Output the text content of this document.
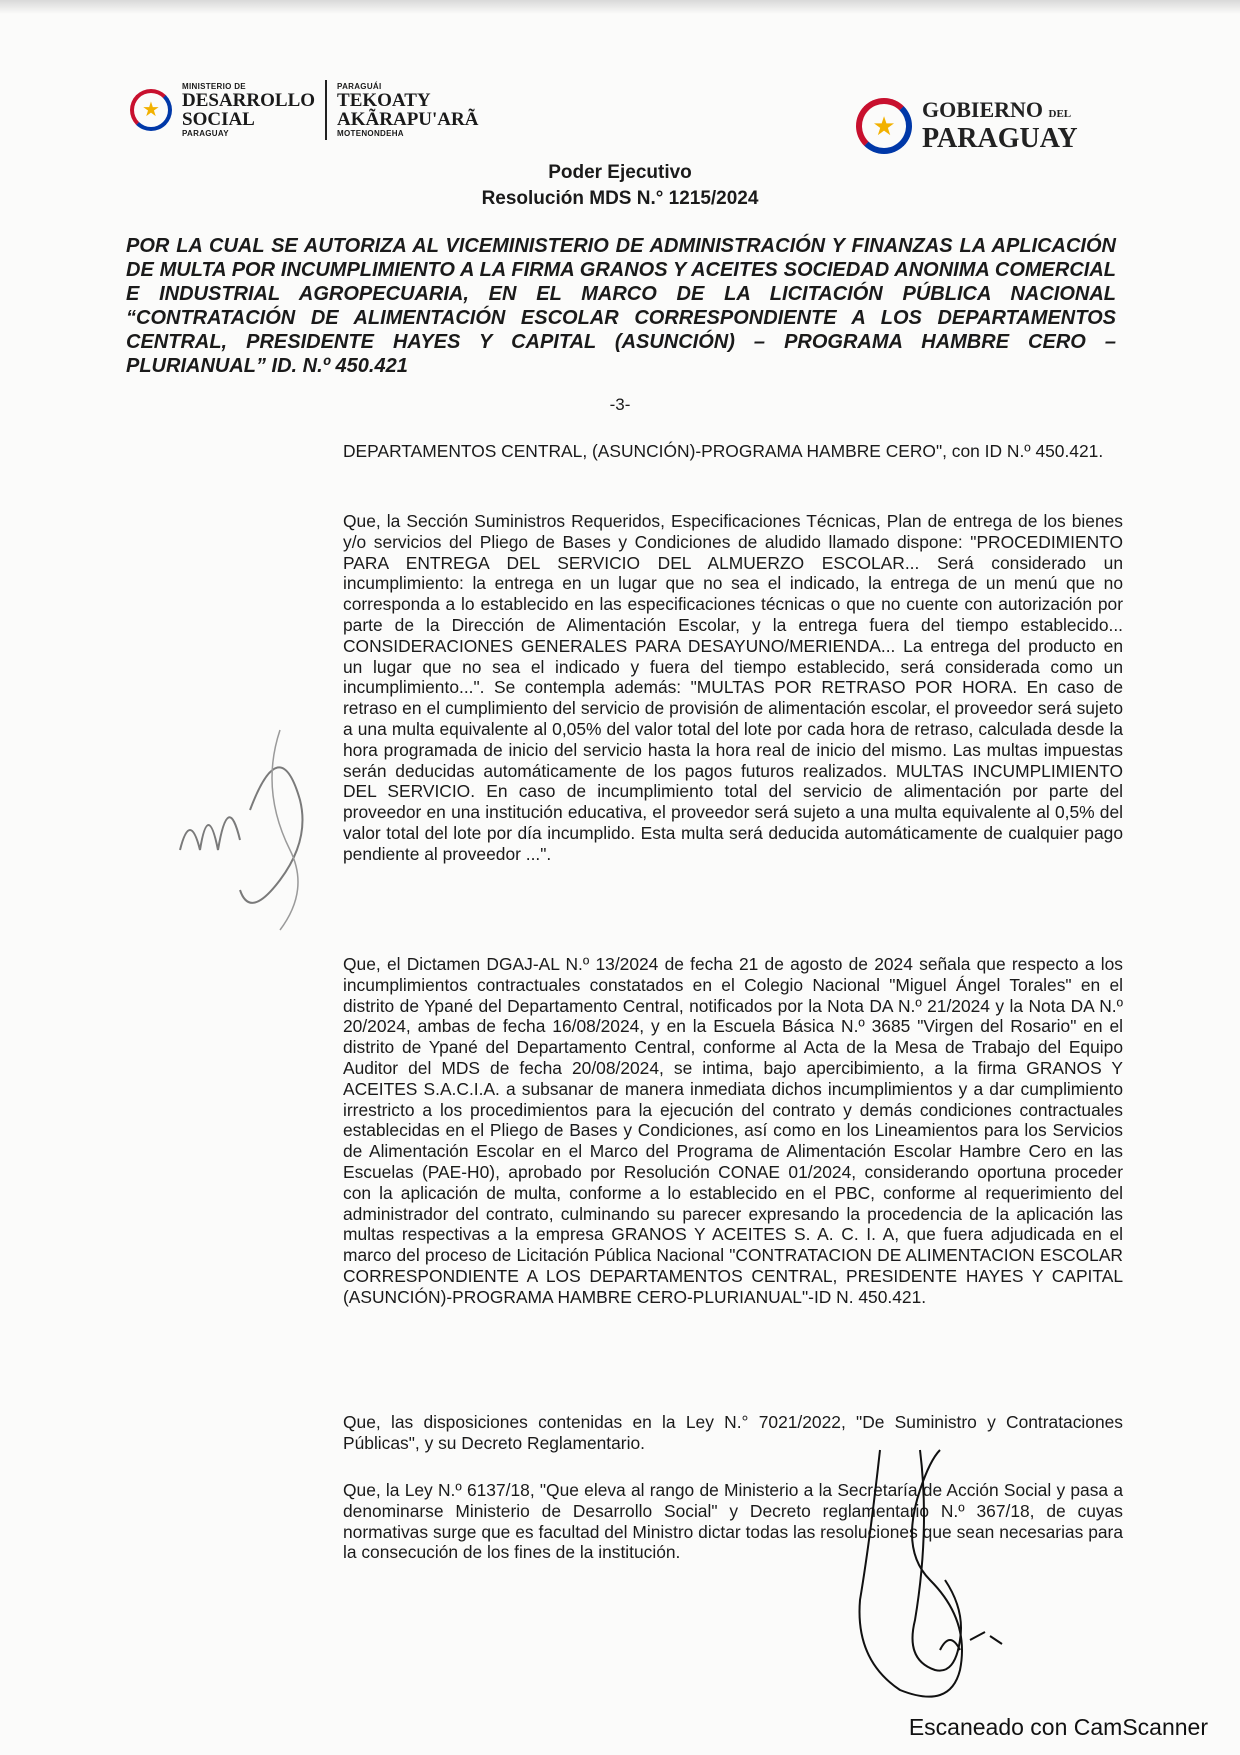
★
MINISTERIO DE
DESARROLLO
SOCIAL
PARAGUAY
PARAGUÁI
TEKOATY
AKÃRAPU'ARÃ
MOTENONDEHA	★
GOBIERNO DEL
PARAGUAY
Poder Ejecutivo
Resolución MDS N.° 1215/2024
POR LA CUAL SE AUTORIZA AL VICEMINISTERIO DE ADMINISTRACIÓN Y FINANZAS LA APLICACIÓN DE MULTA POR INCUMPLIMIENTO A LA FIRMA GRANOS Y ACEITES SOCIEDAD ANONIMA COMERCIAL E INDUSTRIAL AGROPECUARIA, EN EL MARCO DE LA LICITACIÓN PÚBLICA NACIONAL “CONTRATACIÓN DE ALIMENTACIÓN ESCOLAR CORRESPONDIENTE A LOS DEPARTAMENTOS CENTRAL, PRESIDENTE HAYES Y CAPITAL (ASUNCIÓN) – PROGRAMA HAMBRE CERO – PLURIANUAL” ID. N.º 450.421
-3-
DEPARTAMENTOS CENTRAL, (ASUNCIÓN)-PROGRAMA HAMBRE CERO", con ID N.º 450.421.
Que, la Sección Suministros Requeridos, Especificaciones Técnicas, Plan de entrega de los bienes y/o servicios del Pliego de Bases y Condiciones de aludido llamado dispone: "PROCEDIMIENTO PARA ENTREGA DEL SERVICIO DEL ALMUERZO ESCOLAR... Será considerado un incumplimiento: la entrega en un lugar que no sea el indicado, la entrega de un menú que no corresponda a lo establecido en las especificaciones técnicas o que no cuente con autorización por parte de la Dirección de Alimentación Escolar, y la entrega fuera del tiempo establecido... CONSIDERACIONES GENERALES PARA DESAYUNO/MERIENDA... La entrega del producto en un lugar que no sea el indicado y fuera del tiempo establecido, será considerada como un incumplimiento...". Se contempla además: "MULTAS POR RETRASO POR HORA. En caso de retraso en el cumplimiento del servicio de provisión de alimentación escolar, el proveedor será sujeto a una multa equivalente al 0,05% del valor total del lote por cada hora de retraso, calculada desde la hora programada de inicio del servicio hasta la hora real de inicio del mismo. Las multas impuestas serán deducidas automáticamente de los pagos futuros realizados. MULTAS INCUMPLIMIENTO DEL SERVICIO. En caso de incumplimiento total del servicio de alimentación por parte del proveedor en una institución educativa, el proveedor será sujeto a una multa equivalente al 0,5% del valor total del lote por día incumplido. Esta multa será deducida automáticamente de cualquier pago pendiente al proveedor ...".
Que, el Dictamen DGAJ-AL N.º 13/2024 de fecha 21 de agosto de 2024 señala que respecto a los incumplimientos contractuales constatados en el Colegio Nacional "Miguel Ángel Torales" en el distrito de Ypané del Departamento Central, notificados por la Nota DA N.º 21/2024 y la Nota DA N.º 20/2024, ambas de fecha 16/08/2024, y en la Escuela Básica N.º 3685 "Virgen del Rosario" en el distrito de Ypané del Departamento Central, conforme al Acta de la Mesa de Trabajo del Equipo Auditor del MDS de fecha 20/08/2024, se intima, bajo apercibimiento, a la firma GRANOS Y ACEITES S.A.C.I.A. a subsanar de manera inmediata dichos incumplimientos y a dar cumplimiento irrestricto a los procedimientos para la ejecución del contrato y demás condiciones contractuales establecidas en el Pliego de Bases y Condiciones, así como en los Lineamientos para los Servicios de Alimentación Escolar en el Marco del Programa de Alimentación Escolar Hambre Cero en las Escuelas (PAE-H0), aprobado por Resolución CONAE 01/2024, considerando oportuna proceder con la aplicación de multa, conforme a lo establecido en el PBC, conforme al requerimiento del administrador del contrato, culminando su parecer expresando la procedencia de la aplicación las multas respectivas a la empresa GRANOS Y ACEITES S. A. C. I. A, que fuera adjudicada en el marco del proceso de Licitación Pública Nacional "CONTRATACION DE ALIMENTACION ESCOLAR CORRESPONDIENTE A LOS DEPARTAMENTOS CENTRAL, PRESIDENTE HAYES Y CAPITAL (ASUNCIÓN)-PROGRAMA HAMBRE CERO-PLURIANUAL"-ID N. 450.421.
Que, las disposiciones contenidas en la Ley N.° 7021/2022, "De Suministro y Contrataciones Públicas", y su Decreto Reglamentario.
Que, la Ley N.º 6137/18, "Que eleva al rango de Ministerio a la Secretaría de Acción Social y pasa a denominarse Ministerio de Desarrollo Social" y Decreto reglamentario N.º 367/18, de cuyas normativas surge que es facultad del Ministro dictar todas las resoluciones que sean necesarias para la consecución de los fines de la institución.
Escaneado con CamScanner
